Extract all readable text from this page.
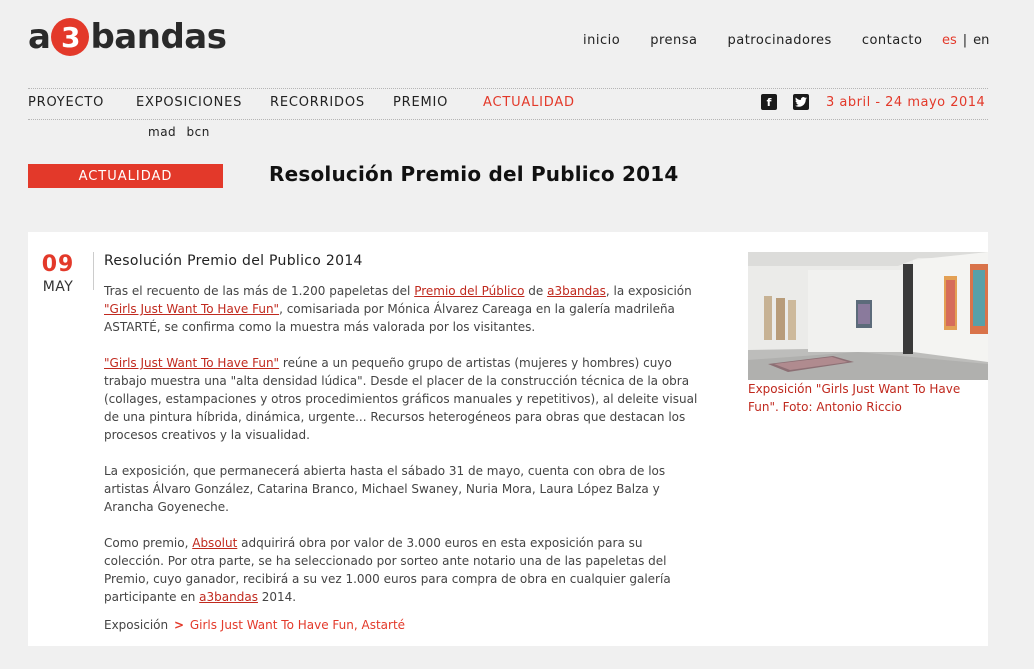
a 3 bandas	inicio prensa patrocinadores contacto es | en
PROYECTO EXPOSICIONES RECORRIDOS PREMIO	ACTUALIDAD	f	3 abril - 24 mayo 2014
mad bcn
ACTUALIDAD	Resolución Premio del Publico 2014
09
MAY
Resolución Premio del Publico 2014

Tras el recuento de las más de 1.200 papeletas del Premio del Público de a3bandas, la exposición "Girls Just Want To Have Fun", comisariada por Mónica Álvarez Careaga en la galería madrileña ASTARTÉ, se confirma como la muestra más valorada por los visitantes.

"Girls Just Want To Have Fun" reúne a un pequeño grupo de artistas (mujeres y hombres) cuyo trabajo muestra una "alta densidad lúdica". Desde el placer de la construcción técnica de la obra (collages, estampaciones y otros procedimientos gráficos manuales y repetitivos), al deleite visual de una pintura híbrida, dinámica, urgente... Recursos heterogéneos para obras que destacan los procesos creativos y la visualidad.

La exposición, que permanecerá abierta hasta el sábado 31 de mayo, cuenta con obra de los artistas Álvaro González, Catarina Branco, Michael Swaney, Nuria Mora, Laura López Balza y Arancha Goyeneche.

Como premio, Absolut adquirirá obra por valor de 3.000 euros en esta exposición para su colección. Por otra parte, se ha seleccionado por sorteo ante notario una de las papeletas del Premio, cuyo ganador, recibirá a su vez 1.000 euros para compra de obra en cualquier galería participante en a3bandas 2014.

Exposición > Girls Just Want To Have Fun, Astarté
Exposición "Girls Just Want To Have Fun". Foto: Antonio Riccio
